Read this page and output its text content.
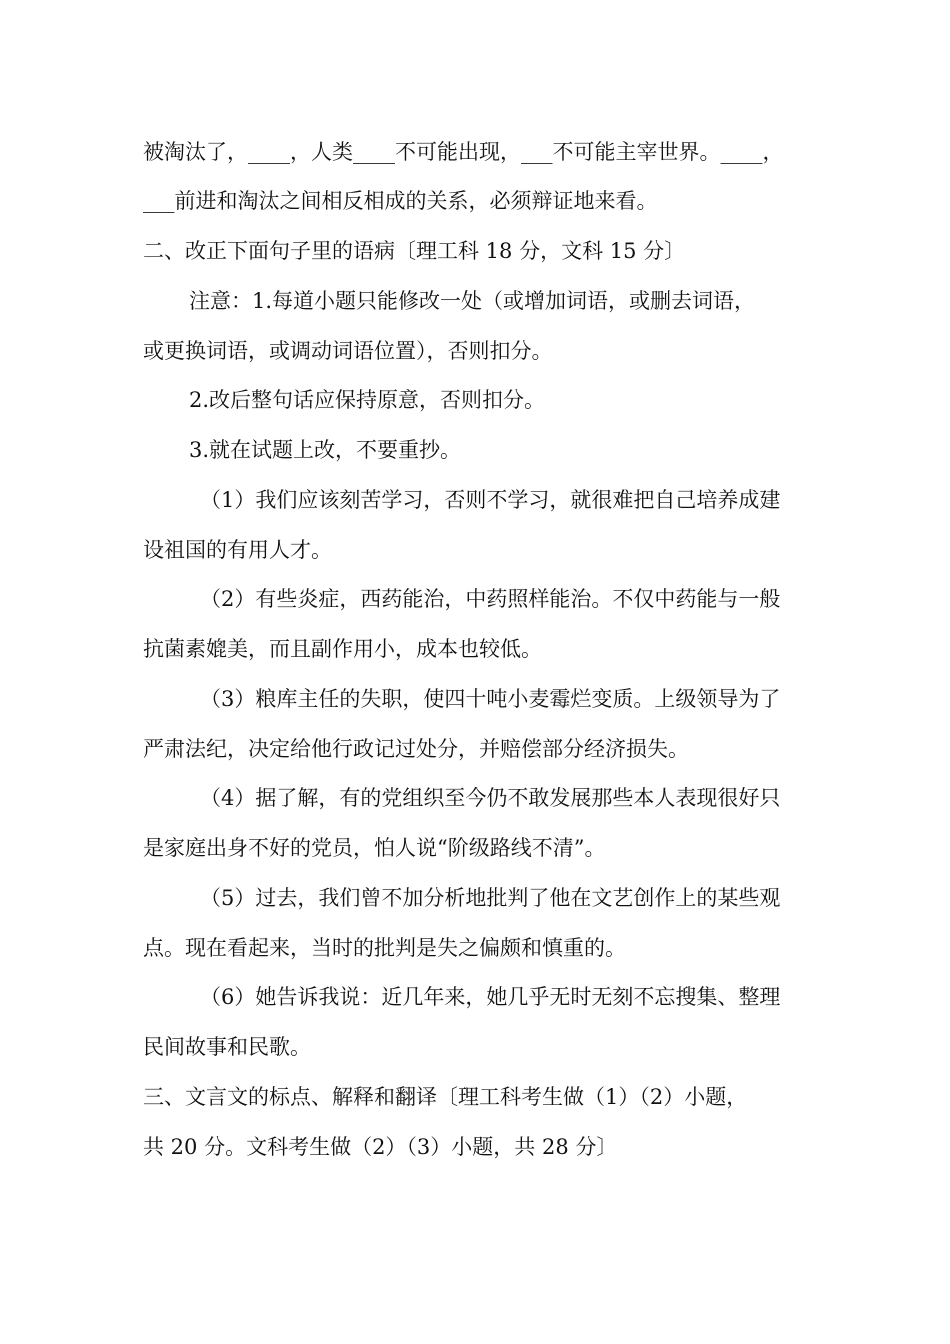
被淘汰了，____，人类____不可能出现，___不可能主宰世界。____，
___前进和淘汰之间相反相成的关系，必须辩证地来看。
二、改正下面句子里的语病〔理工科 18 分，文科 15 分〕
注意：1.每道小题只能修改一处（或增加词语，或删去词语，
或更换词语，或调动词语位置），否则扣分。
2.改后整句话应保持原意，否则扣分。
3.就在试题上改，不要重抄。
（1）我们应该刻苦学习，否则不学习，就很难把自己培养成建
设祖国的有用人才。
（2）有些炎症，西药能治，中药照样能治。不仅中药能与一般
抗菌素媲美，而且副作用小，成本也较低。
（3）粮库主任的失职，使四十吨小麦霉烂变质。上级领导为了
严肃法纪，决定给他行政记过处分，并赔偿部分经济损失。
（4）据了解，有的党组织至今仍不敢发展那些本人表现很好只
是家庭出身不好的党员，怕人说“阶级路线不清”。
（5）过去，我们曾不加分析地批判了他在文艺创作上的某些观
点。现在看起来，当时的批判是失之偏颇和慎重的。
（6）她告诉我说：近几年来，她几乎无时无刻不忘搜集、整理
民间故事和民歌。
三、文言文的标点、解释和翻译〔理工科考生做（1）（2）小题，
共 20 分。文科考生做（2）（3）小题，共 28 分〕
